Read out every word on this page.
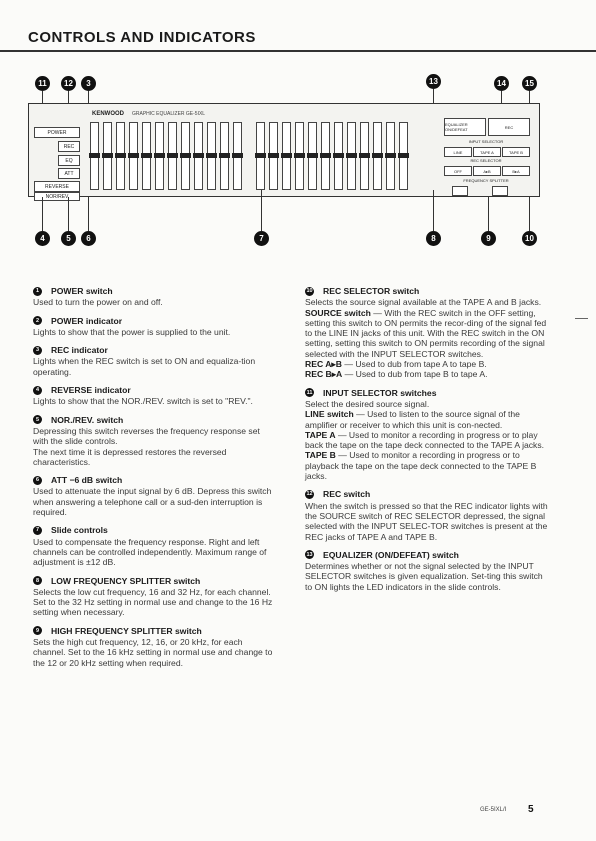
CONTROLS AND INDICATORS
11	12	3	13	14	15
KENWOOD GRAPHIC EQUALIZER GE-5IXL
POWER
REC
EQ
ATT
REVERSE
NOR/REV
EQUALIZER ON/DEFEAT	REC
INPUT SELECTOR
LINE	TAPE A	TAPE B
REC SELECTOR
OFF	A▸B	B▸A
FREQUENCY SPLITTER
4	5	6	7	8	9	10
1	POWER switch

Used to turn the power on and off.

2	POWER indicator

Lights to show that the power is supplied to the unit.

3	REC indicator

Lights when the REC switch is set to ON and equaliza-tion operating.

4	REVERSE indicator

Lights to show that the NOR./REV. switch is set to "REV.".

5	NOR./REV. switch

Depressing this switch reverses the frequency response set with the slide controls.

The next time it is depressed restores the reversed characteristics.

6	ATT −6 dB switch

Used to attenuate the input signal by 6 dB. Depress this switch when answering a telephone call or a sud-den interruption is required.

7	Slide controls

Used to compensate the frequency response. Right and left channels can be controlled independently. Maximum range of adjustment is ±12 dB.

8	LOW FREQUENCY SPLITTER switch

Selects the low cut frequency, 16 and 32 Hz, for each channel. Set to the 32 Hz setting in normal use and change to the 16 Hz setting when necessary.

9	HIGH FREQUENCY SPLITTER switch

Sets the high cut frequency, 12, 16, or 20 kHz, for each channel. Set to the 16 kHz setting in normal use and change to the 12 or 20 kHz setting when required.

10 REC SELECTOR switch

Selects the source signal available at the TAPE A and B jacks.

SOURCE switch — With the REC switch in the OFF setting, setting this switch to ON permits the recor-ding of the signal fed to the LINE IN jacks of this unit. With the REC switch in the ON setting, setting this switch to ON permits recording of the signal selected with the INPUT SELECTOR switches.

REC A▸B — Used to dub from tape A to tape B.

REC B▸A — Used to dub from tape B to tape A.

11 INPUT SELECTOR switches

Select the desired source signal.

LINE switch — Used to listen to the source signal of the amplifier or receiver to which this unit is con-nected.

TAPE A — Used to monitor a recording in progress or to play back the tape on the tape deck connected to the TAPE A jacks.

TAPE B — Used to monitor a recording in progress or to playback the tape on the tape deck connected to the TAPE B jacks.

12 REC switch

When the switch is pressed so that the REC indicator lights with the SOURCE switch of REC SELECTOR depressed, the signal selected with the INPUT SELEC-TOR switches is present at the REC jacks of TAPE A and TAPE B.

13 EQUALIZER (ON/DEFEAT) switch

Determines whether or not the signal selected by the INPUT SELECTOR switches is given equalization. Set-ting this switch to ON lights the LED indicators in the slide controls.

GE-5IXL/I 5
